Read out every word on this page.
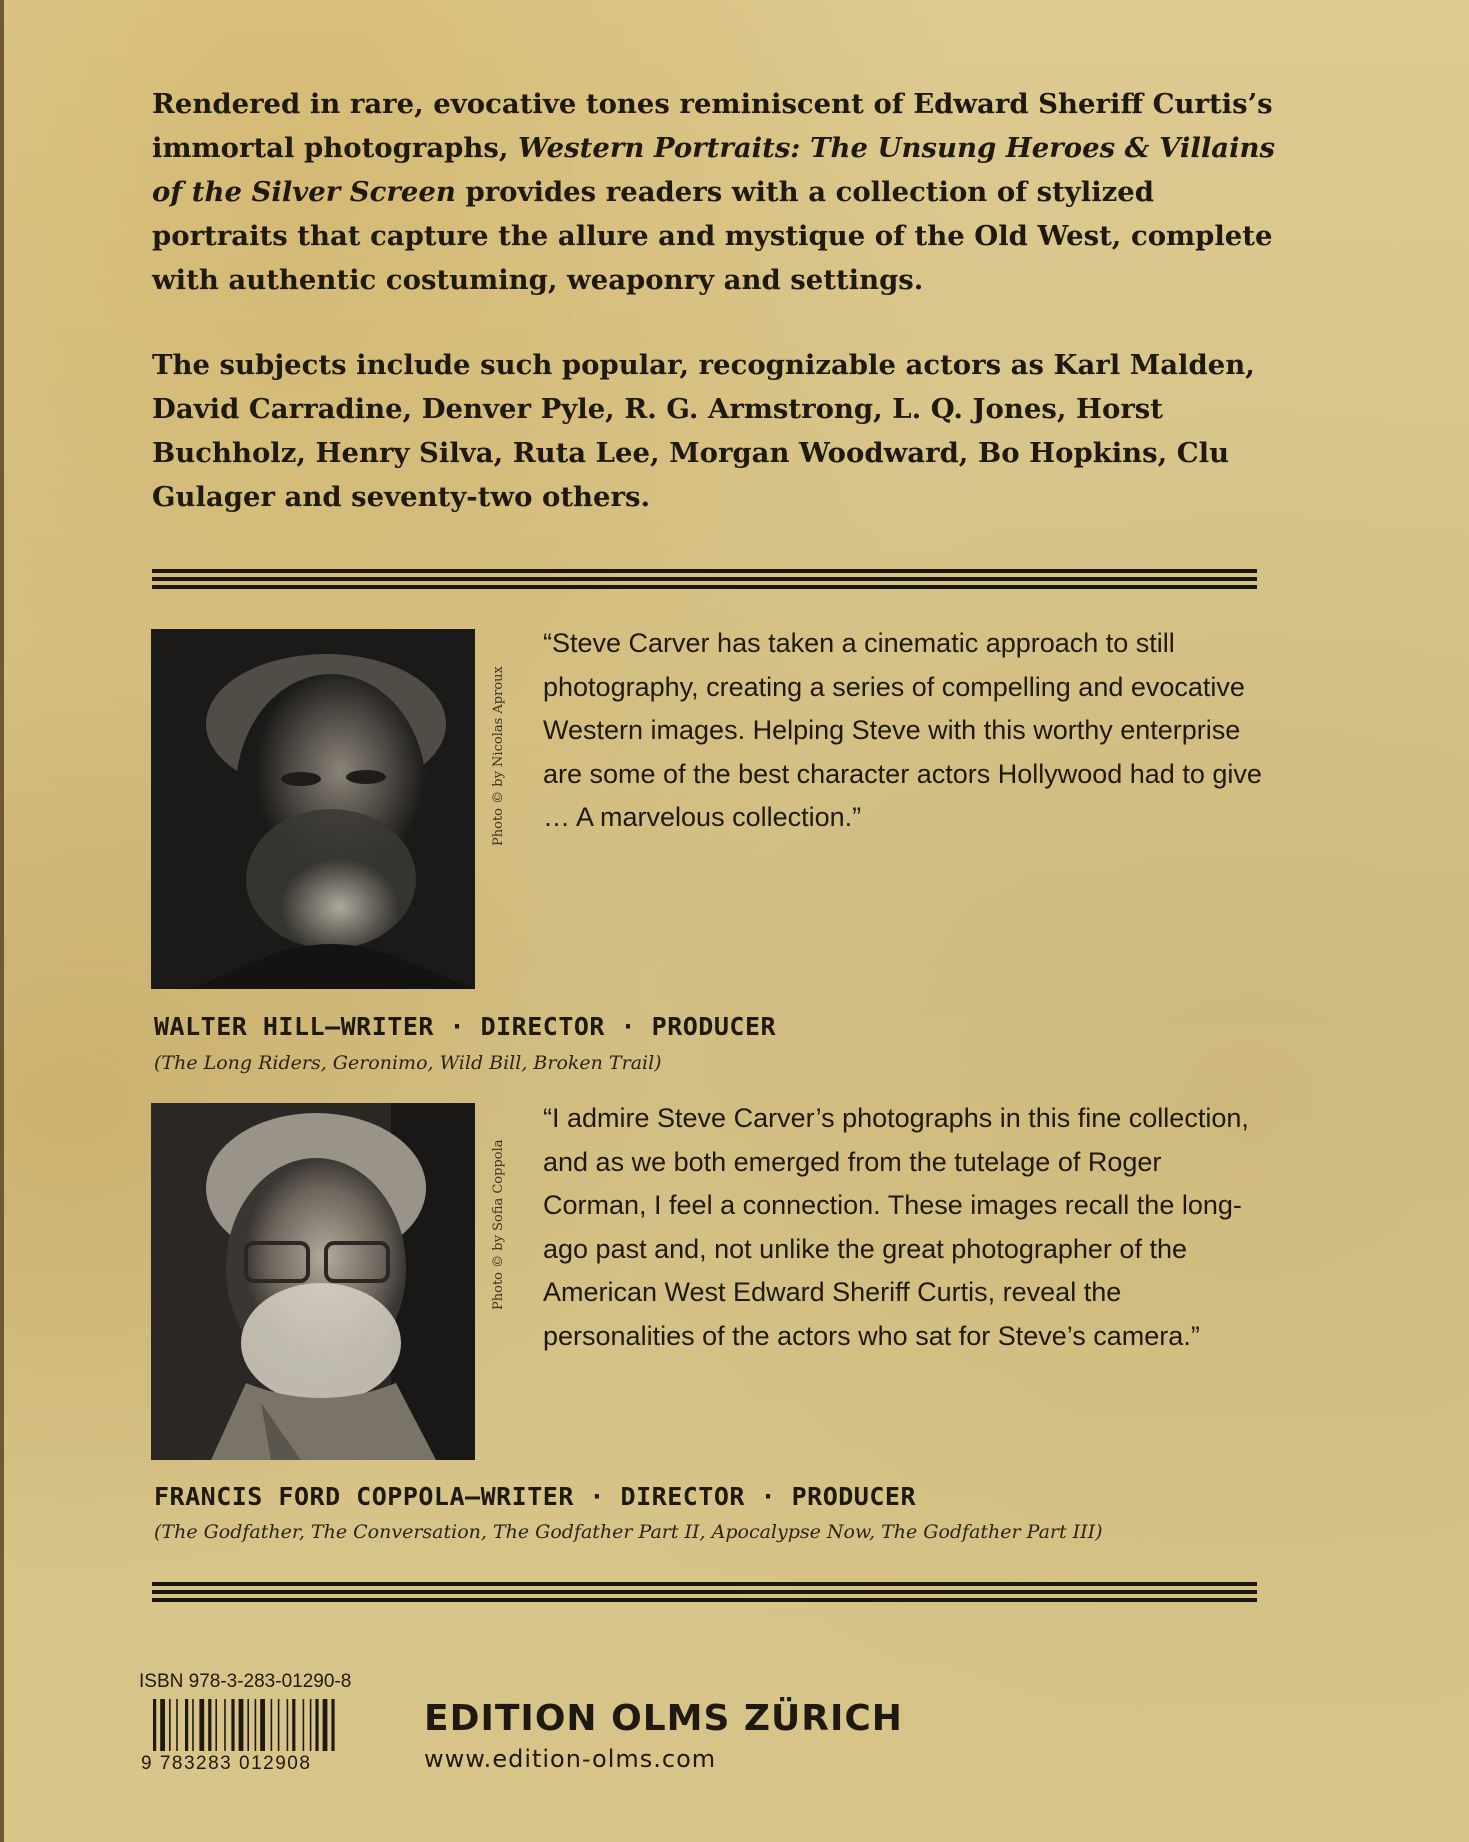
Rendered in rare, evocative tones reminiscent of Edward Sheriff Curtis’s immortal photographs, Western Portraits: The Unsung Heroes & Villains of the Silver Screen provides readers with a collection of stylized portraits that capture the allure and mystique of the Old West, complete with authentic costuming, weaponry and settings.

The subjects include such popular, recognizable actors as Karl Malden, David Carradine, Denver Pyle, R. G. Armstrong, L. Q. Jones, Horst Buchholz, Henry Silva, Ruta Lee, Morgan Woodward, Bo Hopkins, Clu Gulager and seventy-two others.

Photo © by Nicolas Aproux

“Steve Carver has taken a cinematic approach to still photography, creating a series of compelling and evocative Western images. Helping Steve with this worthy enterprise are some of the best character actors Hollywood had to give … A marvelous collection.”

WALTER HILL—WRITER · DIRECTOR · PRODUCER
(The Long Riders, Geronimo, Wild Bill, Broken Trail)
Photo © by Sofia Coppola

“I admire Steve Carver’s photographs in this fine collection, and as we both emerged from the tutelage of Roger Corman, I feel a connection. These images recall the long-ago past and, not unlike the great photographer of the American West Edward Sheriff Curtis, reveal the personalities of the actors who sat for Steve’s camera.”

FRANCIS FORD COPPOLA—WRITER · DIRECTOR · PRODUCER
(The Godfather, The Conversation, The Godfather Part II, Apocalypse Now, The Godfather Part III)
ISBN 978-3-283-01290-8
9 783283 012908
EDITION OLMS ZÜRICH
www.edition-olms.com
